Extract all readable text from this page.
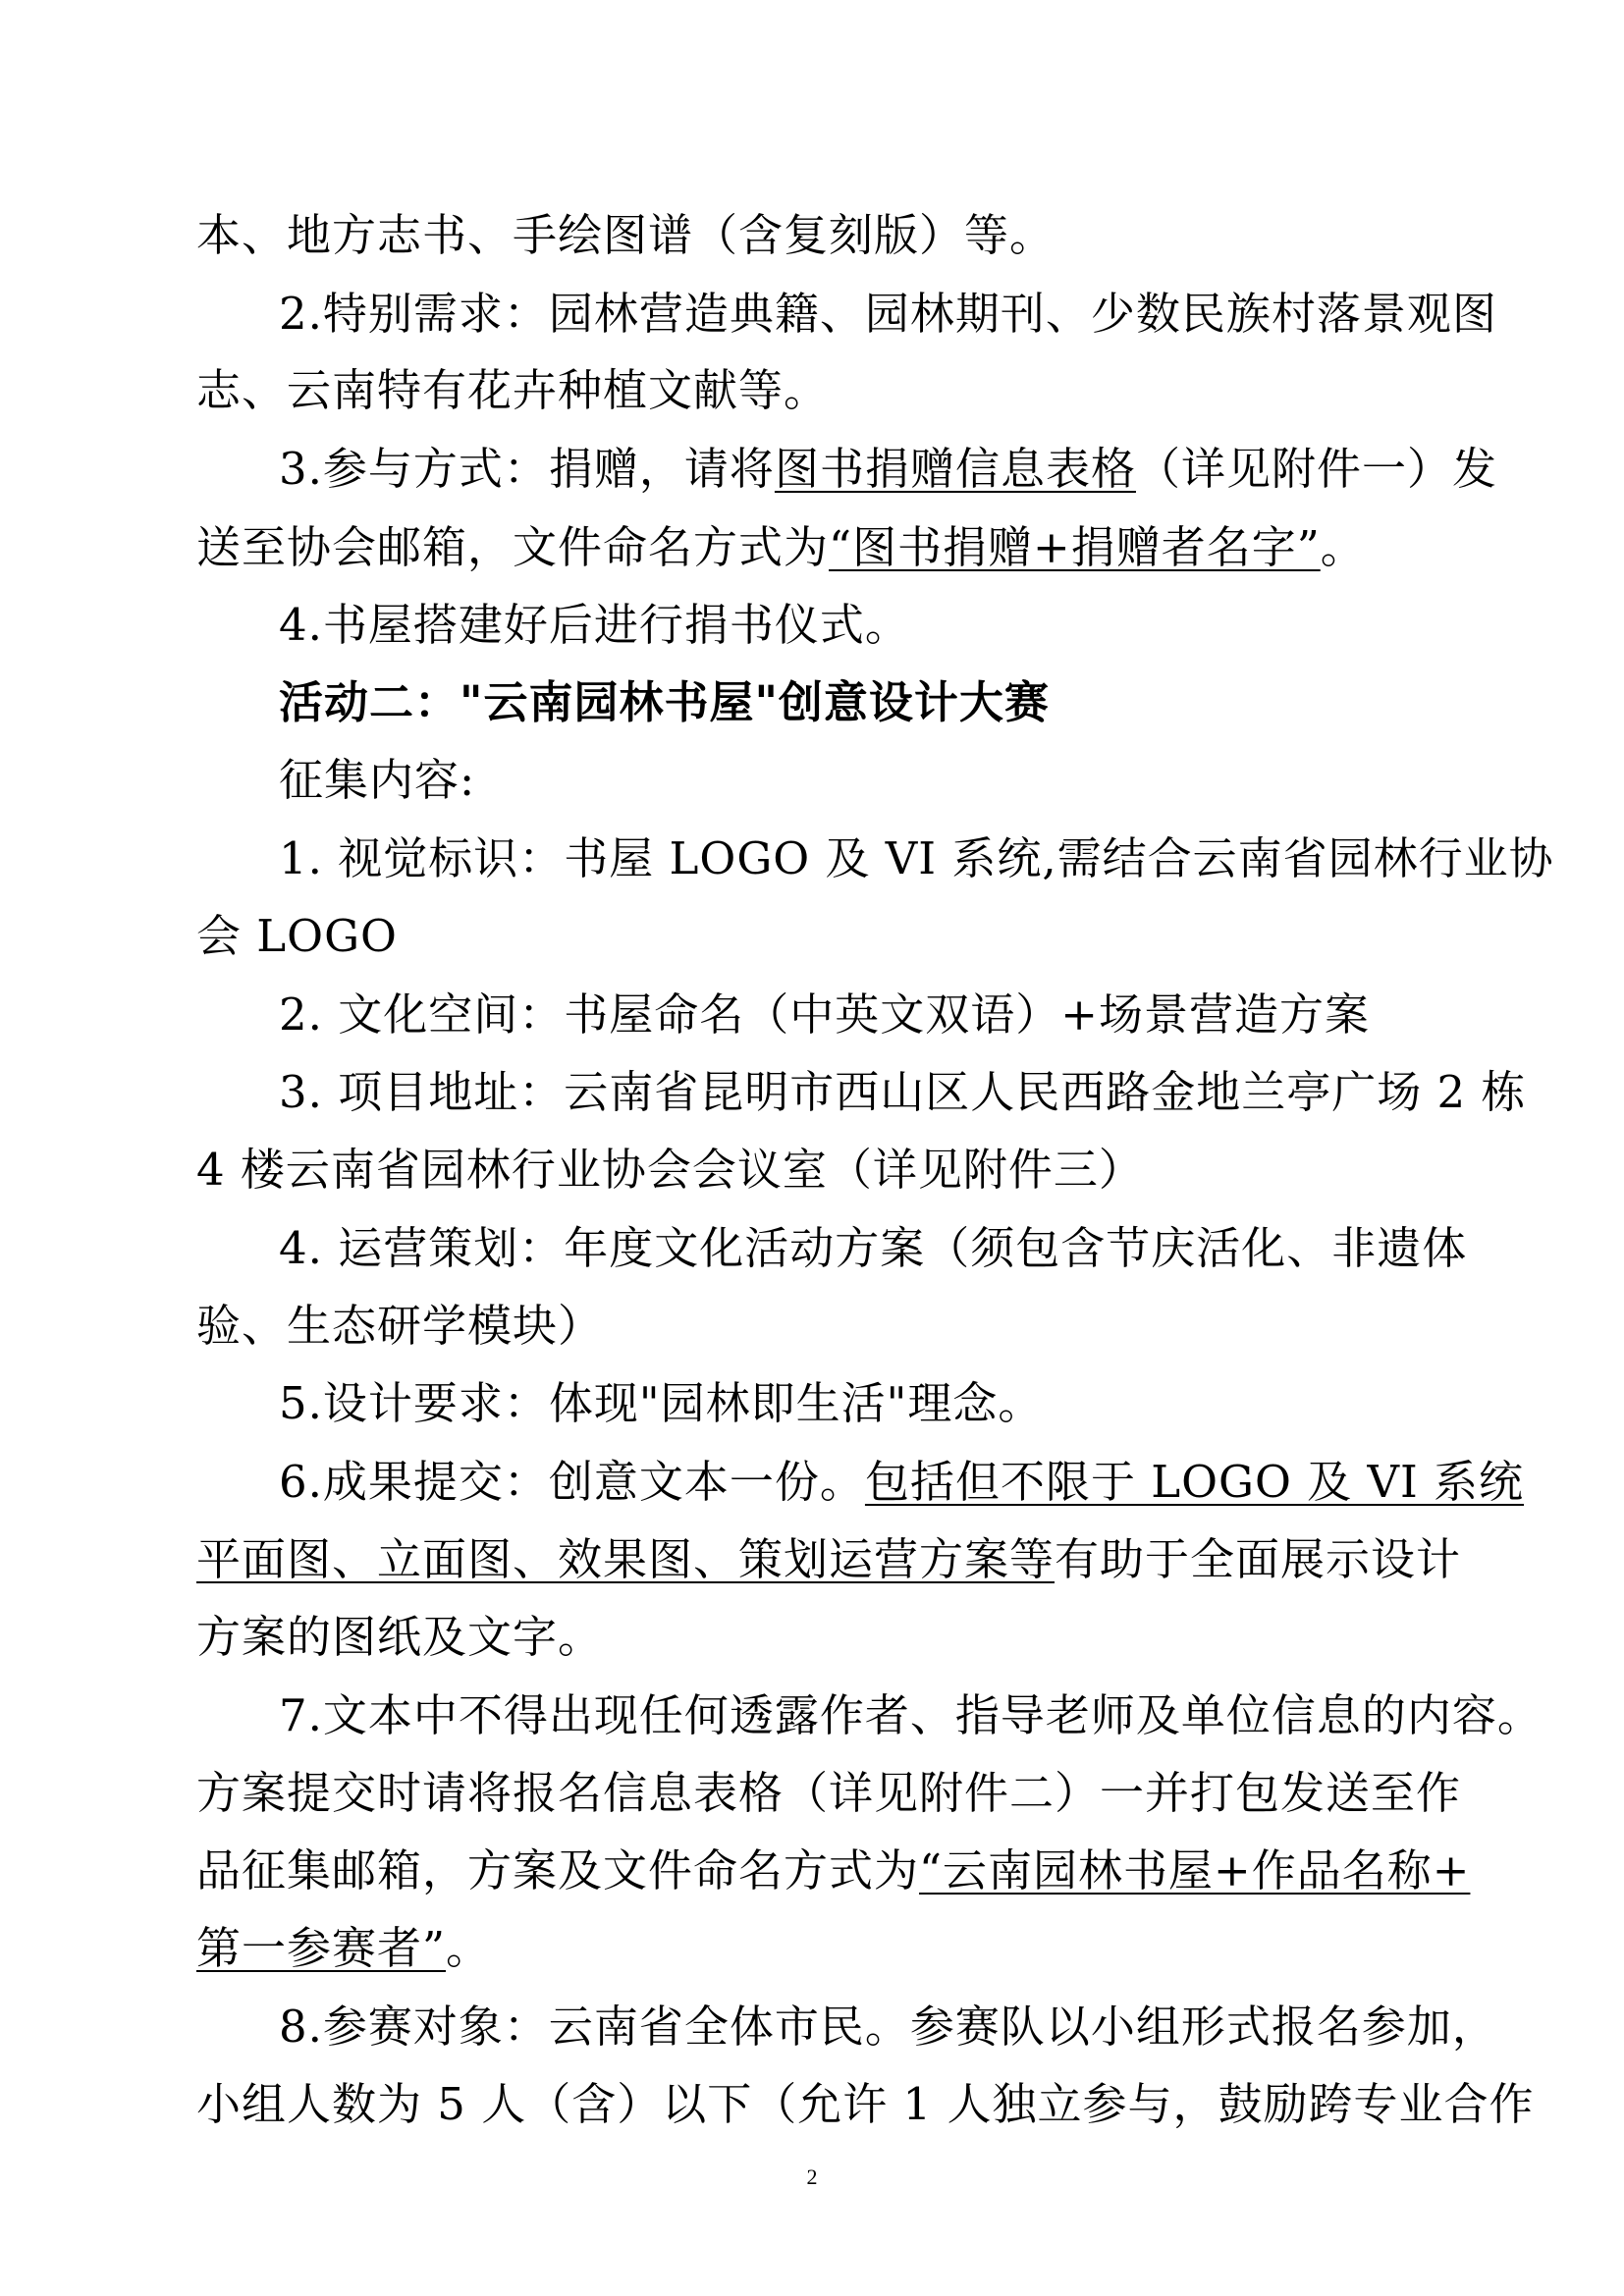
本、地方志书、手绘图谱（含复刻版）等。
2.特别需求：园林营造典籍、园林期刊、少数民族村落景观图
志、云南特有花卉种植文献等。
3.参与方式：捐赠，请将图书捐赠信息表格（详见附件一）发
送至协会邮箱，文件命名方式为“图书捐赠+捐赠者名字”。
4.书屋搭建好后进行捐书仪式。
活动二："云南园林书屋"创意设计大赛
征集内容:
1. 视觉标识：书屋 LOGO 及 VI 系统,需结合云南省园林行业协
会 LOGO
2. 文化空间：书屋命名（中英文双语）+场景营造方案
3. 项目地址：云南省昆明市西山区人民西路金地兰亭广场 2 栋
4 楼云南省园林行业协会会议室（详见附件三）
4. 运营策划：年度文化活动方案（须包含节庆活化、非遗体
验、生态研学模块）
5.设计要求：体现"园林即生活"理念。
6.成果提交：创意文本一份。包括但不限于 LOGO 及 VI 系统
平面图、立面图、效果图、策划运营方案等有助于全面展示设计
方案的图纸及文字。
7.文本中不得出现任何透露作者、指导老师及单位信息的内容。
方案提交时请将报名信息表格（详见附件二）一并打包发送至作
品征集邮箱，方案及文件命名方式为“云南园林书屋+作品名称+
第一参赛者”。
8.参赛对象：云南省全体市民。参赛队以小组形式报名参加，
小组人数为 5 人（含）以下（允许 1 人独立参与，鼓励跨专业合作
2
